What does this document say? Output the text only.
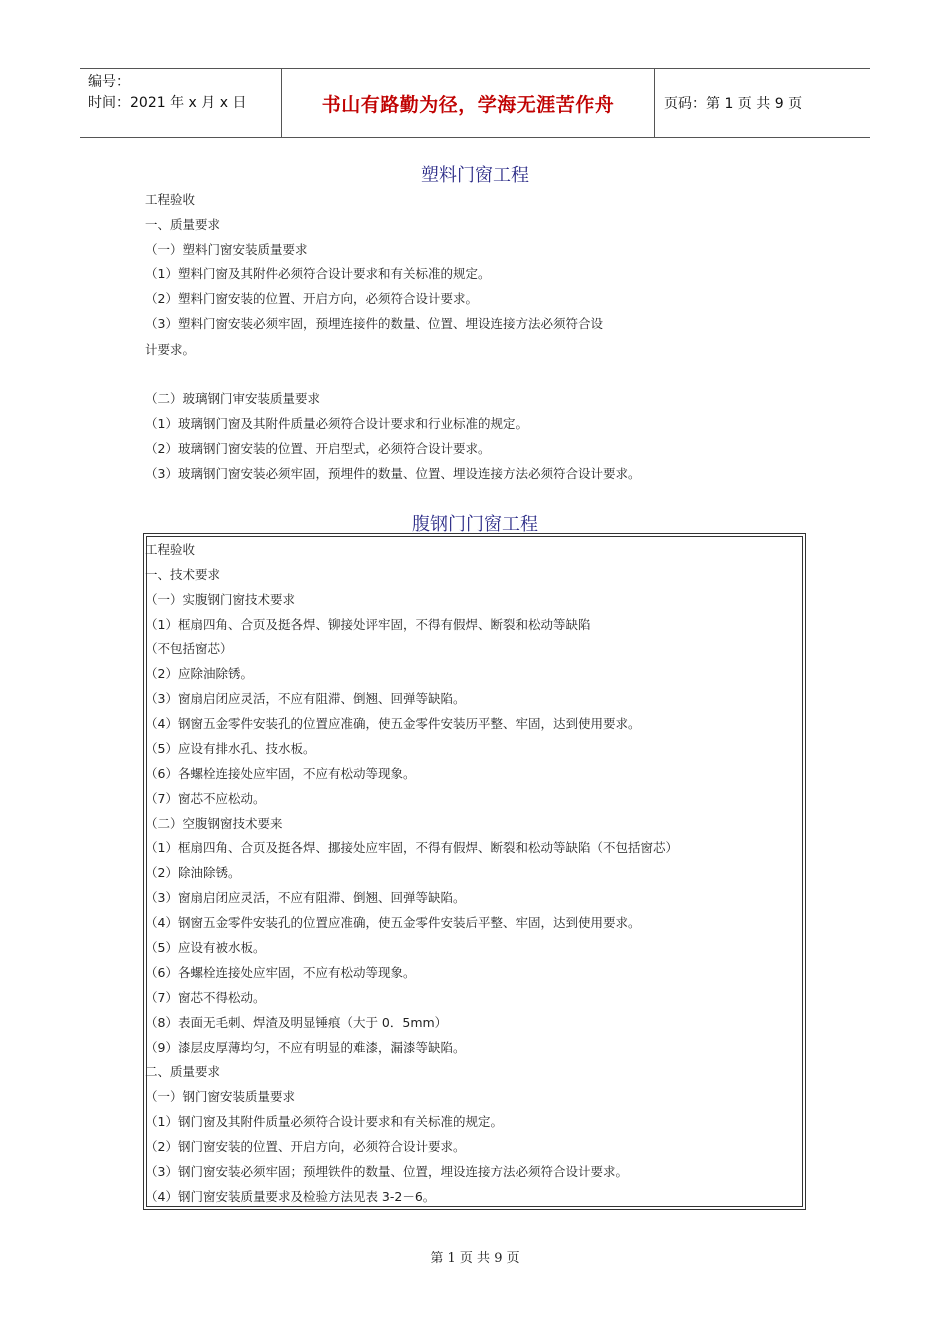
编号：
时间：2021 年 x 月 x 日	书山有路勤为径，学海无涯苦作舟	页码：第 1 页 共 9 页
塑料门窗工程
工程验收
一、质量要求
（一）塑料门窗安装质量要求
（1）塑料门窗及其附件必须符合设计要求和有关标准的规定。
（2）塑料门窗安装的位置、开启方向，必须符合设计要求。
（3）塑料门窗安装必须牢固，预埋连接件的数量、位置、埋设连接方法必须符合设
计要求。
（二）玻璃钢门审安装质量要求
（1）玻璃钢门窗及其附件质量必须符合设计要求和行业标准的规定。
（2）玻璃钢门窗安装的位置、开启型式，必须符合设计要求。
（3）玻璃钢门窗安装必须牢固，预埋件的数量、位置、埋设连接方法必须符合设计要求。
腹钢门门窗工程
工程验收
一、技术要求
（一）实腹钢门窗技术要求
（1）框扇四角、合页及挺各焊、铆接处评牢固，不得有假焊、断裂和松动等缺陷
（不包括窗芯）
（2）应除油除锈。
（3）窗扇启闭应灵活，不应有阻滞、倒翘、回弹等缺陷。
（4）钢窗五金零件安装孔的位置应准确，使五金零件安装历平整、牢固，达到使用要求。
（5）应设有排水孔、技水板。
（6）各螺栓连接处应牢固，不应有松动等现象。
（7）窗芯不应松动。
（二）空腹钢窗技术要来
（1）框扇四角、合页及挺各焊、挪接处应牢固，不得有假焊、断裂和松动等缺陷（不包括窗芯）
（2）除油除锈。
（3）窗扇启闭应灵活，不应有阻滞、倒翘、回弹等缺陷。
（4）钢窗五金零件安装孔的位置应准确，使五金零件安装后平整、牢固，达到使用要求。
（5）应设有被水板。
（6）各螺栓连接处应牢固，不应有松动等现象。
（7）窗芯不得松动。
（8）表面无毛刺、焊渣及明显锤痕（大于 0．5mm）
（9）漆层皮厚薄均匀，不应有明显的难漆，漏漆等缺陷。
二、质量要求
（一）钢门窗安装质量要求
（1）钢门窗及其附件质量必须符合设计要求和有关标准的规定。
（2）钢门窗安装的位置、开启方向，必须符合设计要求。
（3）钢门窗安装必须牢固；预埋铁件的数量、位置，埋设连接方法必须符合设计要求。
（4）钢门窗安装质量要求及检验方法见表 3-2－6。
第 1 页 共 9 页
